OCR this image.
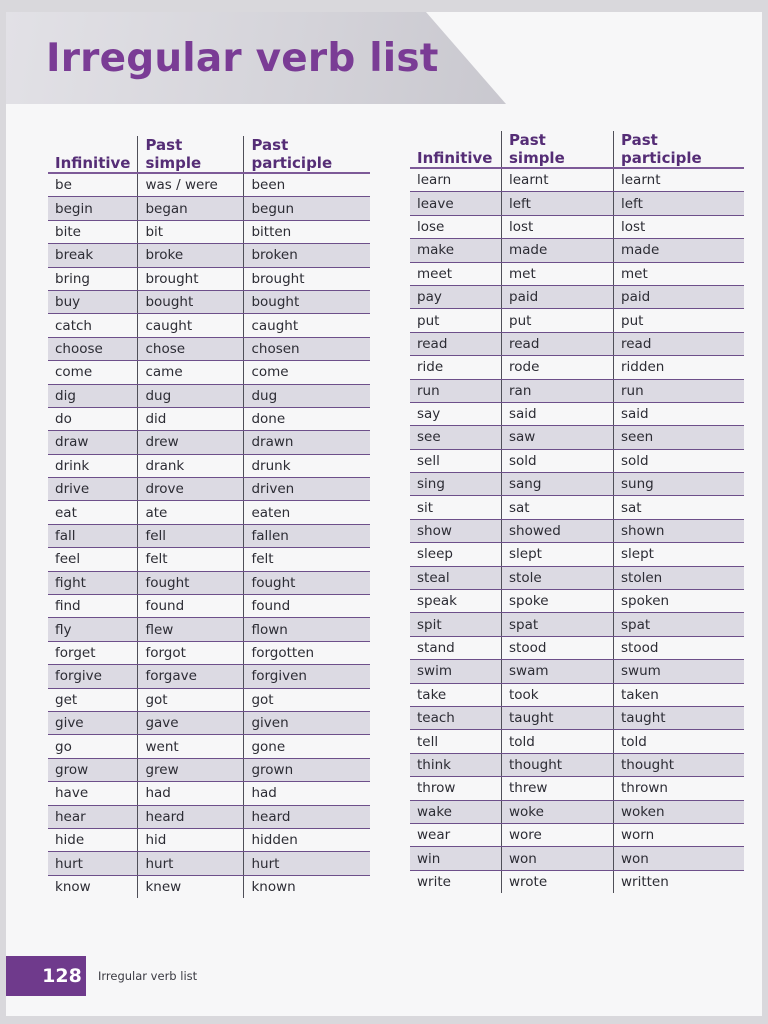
Irregular verb list
Infinitive	Past simple	Past participle
be	was / were	been
begin	began	begun
bite	bit	bitten
break	broke	broken
bring	brought	brought
buy	bought	bought
catch	caught	caught
choose	chose	chosen
come	came	come
dig	dug	dug
do	did	done
draw	drew	drawn
drink	drank	drunk
drive	drove	driven
eat	ate	eaten
fall	fell	fallen
feel	felt	felt
fight	fought	fought
find	found	found
fly	flew	flown
forget	forgot	forgotten
forgive	forgave	forgiven
get	got	got
give	gave	given
go	went	gone
grow	grew	grown
have	had	had
hear	heard	heard
hide	hid	hidden
hurt	hurt	hurt
know	knew	known
Infinitive	Past simple	Past participle
learn	learnt	learnt
leave	left	left
lose	lost	lost
make	made	made
meet	met	met
pay	paid	paid
put	put	put
read	read	read
ride	rode	ridden
run	ran	run
say	said	said
see	saw	seen
sell	sold	sold
sing	sang	sung
sit	sat	sat
show	showed	shown
sleep	slept	slept
steal	stole	stolen
speak	spoke	spoken
spit	spat	spat
stand	stood	stood
swim	swam	swum
take	took	taken
teach	taught	taught
tell	told	told
think	thought	thought
throw	threw	thrown
wake	woke	woken
wear	wore	worn
win	won	won
write	wrote	written
128 Irregular verb list
